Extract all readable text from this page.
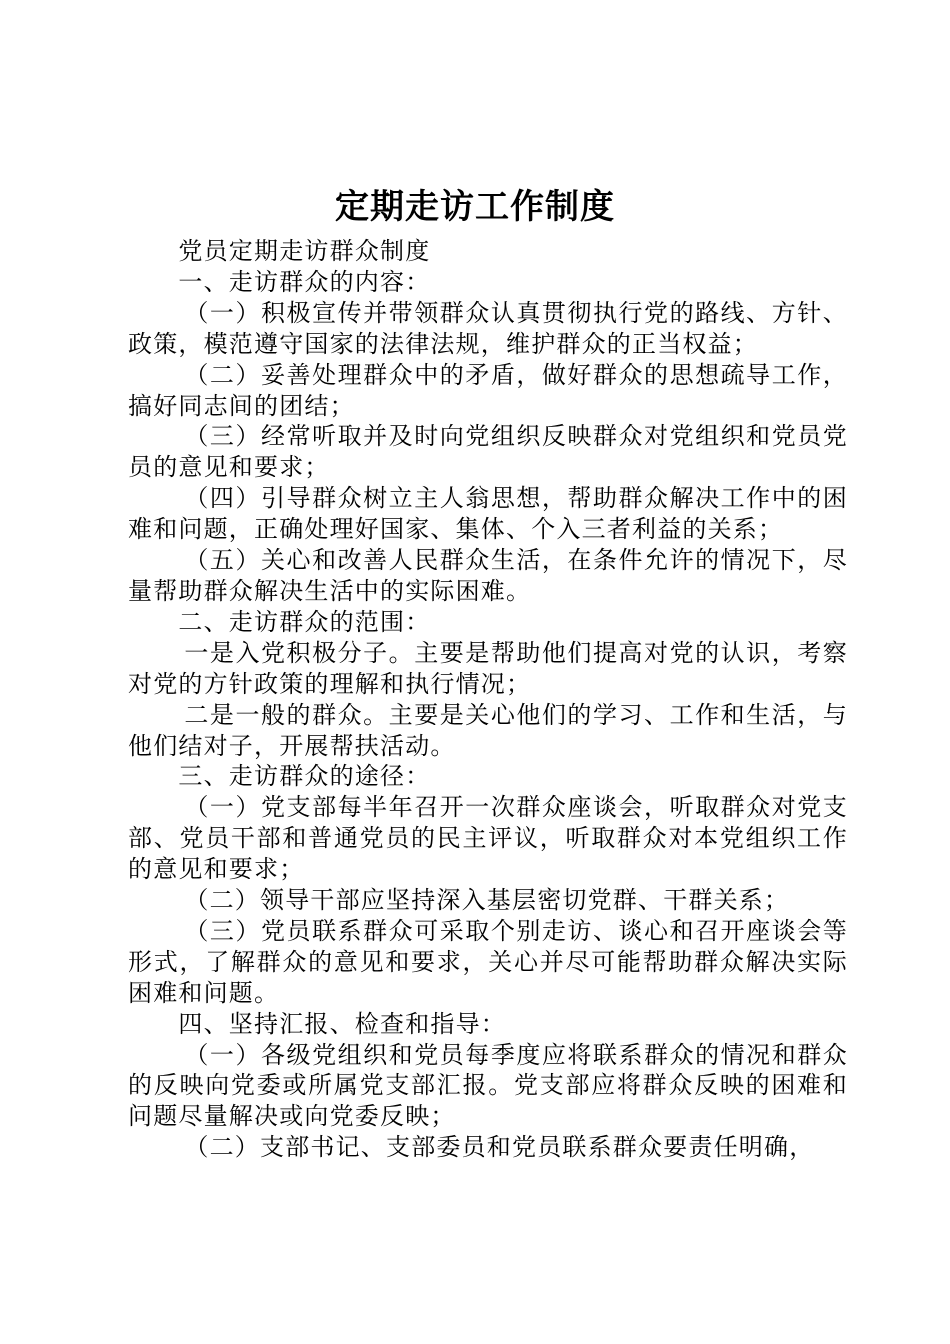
定期走访工作制度

党员定期走访群众制度

一、走访群众的内容：

（一）积极宣传并带领群众认真贯彻执行党的路线、方针、政策，模范遵守国家的法律法规，维护群众的正当权益；

（二）妥善处理群众中的矛盾，做好群众的思想疏导工作，搞好同志间的团结；

（三）经常听取并及时向党组织反映群众对党组织和党员党员的意见和要求；

（四）引导群众树立主人翁思想，帮助群众解决工作中的困难和问题，正确处理好国家、集体、个入三者利益的关系；

（五）关心和改善人民群众生活，在条件允许的情况下，尽量帮助群众解决生活中的实际困难。

二、走访群众的范围：

一是入党积极分子。主要是帮助他们提高对党的认识，考察对党的方针政策的理解和执行情况；

二是一般的群众。主要是关心他们的学习、工作和生活，与他们结对子，开展帮扶活动。

三、走访群众的途径：

（一）党支部每半年召开一次群众座谈会，听取群众对党支部、党员干部和普通党员的民主评议，听取群众对本党组织工作的意见和要求；

（二）领导干部应坚持深入基层密切党群、干群关系；

（三）党员联系群众可采取个别走访、谈心和召开座谈会等形式，了解群众的意见和要求，关心并尽可能帮助群众解决实际困难和问题。

四、坚持汇报、检查和指导：

（一）各级党组织和党员每季度应将联系群众的情况和群众的反映向党委或所属党支部汇报。党支部应将群众反映的困难和问题尽量解决或向党委反映；

（二）支部书记、支部委员和党员联系群众要责任明确，
